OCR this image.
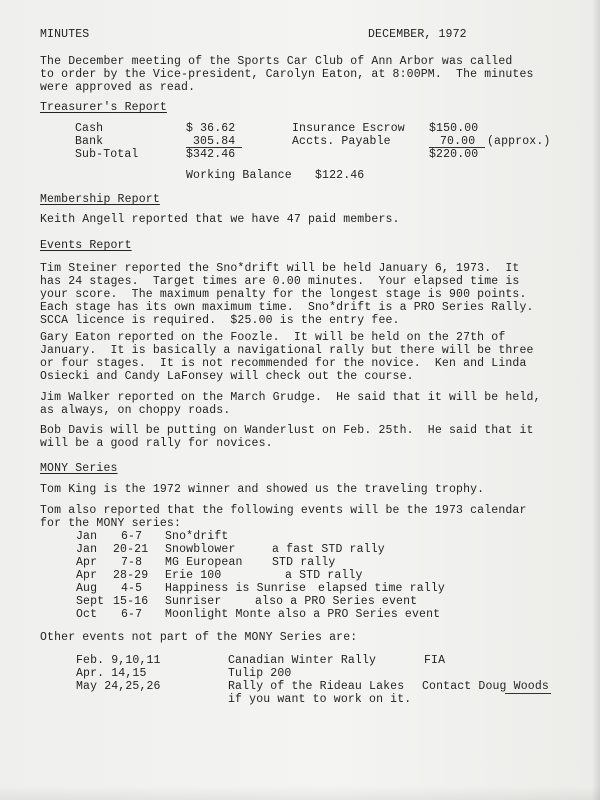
MINUTES	DECEMBER, 1972
The December meeting of the Sports Car Club of Ann Arbor was called
to order by the Vice-president, Carolyn Eaton, at 8:00PM.  The minutes
were approved as read.
Treasurer's Report
Cash	$ 36.62	Insurance Escrow $150.00
Bank	305.84	Accts. Payable	70.00 (approx.)
Sub-Total	$342.46	$220.00
Working Balance $122.46
Membership Report
Keith Angell reported that we have 47 paid members.
Events Report
Tim Steiner reported the Sno*drift will be held January 6, 1973.  It
has 24 stages.  Target times are 0.00 minutes.  Your elapsed time is
your score.  The maximum penalty for the longest stage is 900 points.
Each stage has its own maximum time.  Sno*drift is a PRO Series Rally.
SCCA licence is required.  $25.00 is the entry fee.
Gary Eaton reported on the Foozle.  It will be held on the 27th of
January.  It is basically a navigational rally but there will be three
or four stages.  It is not recommended for the novice.  Ken and Linda
Osiecki and Candy LaFonsey will check out the course.
Jim Walker reported on the March Grudge.  He said that it will be held,
as always, on choppy roads.
Bob Davis will be putting on Wanderlust on Feb. 25th.  He said that it
will be a good rally for novices.
MONY Series
Tom King is the 1972 winner and showed us the traveling trophy.
Tom also reported that the following events will be the 1973 calendar
for the MONY series:
Jan 6-7 Sno*drift
Jan 20-21 Snowblower	a fast STD rally
Apr 7-8 MG European	STD rally
Apr 28-29 Erie 100	a STD rally
Aug 4-5 Happiness is Sunrise elapsed time rally
Sept 15-16 Sunriser	also a PRO Series event
Oct 6-7 Moonlight Monte also a PRO Series event
Other events not part of the MONY Series are:
Feb. 9,10,11	Canadian Winter Rally	FIA
Apr. 14,15	Tulip 200
May 24,25,26	Rally of the Rideau Lakes Contact Doug Woods
if you want to work on it.
